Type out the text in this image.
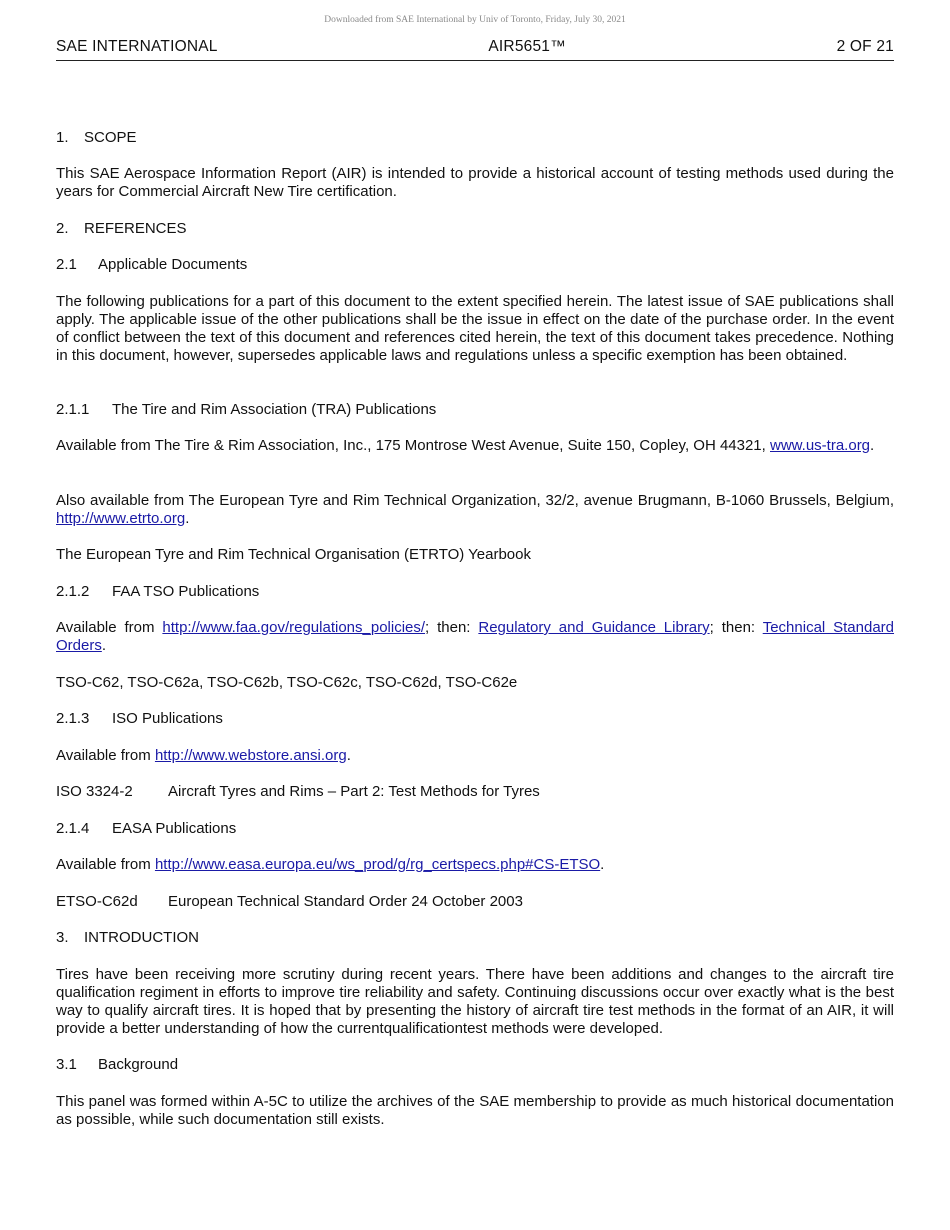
Downloaded from SAE International by Univ of Toronto, Friday, July 30, 2021
SAE INTERNATIONAL	AIR5651™	2 OF 21
1. SCOPE
This SAE Aerospace Information Report (AIR) is intended to provide a historical account of testing methods used during the years for Commercial Aircraft New Tire certification.
2. REFERENCES
2.1 Applicable Documents
The following publications for a part of this document to the extent specified herein. The latest issue of SAE publications shall apply. The applicable issue of the other publications shall be the issue in effect on the date of the purchase order. In the event of conflict between the text of this document and references cited herein, the text of this document takes precedence. Nothing in this document, however, supersedes applicable laws and regulations unless a specific exemption has been obtained.
2.1.1 The Tire and Rim Association (TRA) Publications
Available from The Tire & Rim Association, Inc., 175 Montrose West Avenue, Suite 150, Copley, OH 44321, www.us-tra.org.
Also available from The European Tyre and Rim Technical Organization, 32/2, avenue Brugmann, B-1060 Brussels, Belgium, http://www.etrto.org.
The European Tyre and Rim Technical Organisation (ETRTO) Yearbook
2.1.2 FAA TSO Publications
Available from http://www.faa.gov/regulations_policies/; then: Regulatory and Guidance Library; then: Technical Standard Orders.
TSO-C62, TSO-C62a, TSO-C62b, TSO-C62c, TSO-C62d, TSO-C62e
2.1.3 ISO Publications
Available from http://www.webstore.ansi.org.
ISO 3324-2 Aircraft Tyres and Rims – Part 2: Test Methods for Tyres
2.1.4 EASA Publications
Available from http://www.easa.europa.eu/ws_prod/g/rg_certspecs.php#CS-ETSO.
ETSO-C62d European Technical Standard Order 24 October 2003
3. INTRODUCTION
Tires have been receiving more scrutiny during recent years. There have been additions and changes to the aircraft tire qualification regiment in efforts to improve tire reliability and safety. Continuing discussions occur over exactly what is the best way to qualify aircraft tires. It is hoped that by presenting the history of aircraft tire test methods in the format of an AIR, it will provide a better understanding of how the currentqualificationtest methods were developed.
3.1 Background
This panel was formed within A-5C to utilize the archives of the SAE membership to provide as much historical documentation as possible, while such documentation still exists.
